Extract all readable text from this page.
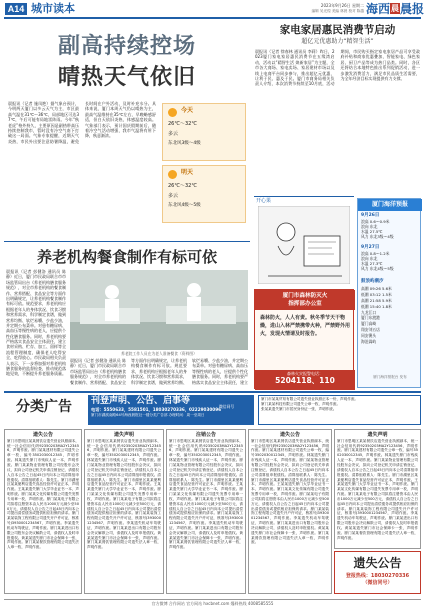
A14 城市读本	2023年9月26日 星期二
编辑 吴光煌 美编 林晨 校对 陈越 海西晨晨报
副高持续控场
晴热天气依旧
晨报讯（记者 施凤艳）据气象台预计，今明两天厦门以多云天气为主，市区最高气温在31℃～36℃，局部地区可达37℃，午后可能有局地雷阵雨。今年“秋老虎”格外持久，主要原因是副热带高压持续控制我市，暂时没有冷空气南下打破这一局面。气象专家提醒，近期天气炎热，市民外出要注意防暑降温，避免长时间在户外活动，及时补充水分。具体来说，厦门本周天气仍以晴热为主，最高气温维持在35℃左右，早晚略感舒适，但白天依旧炎热，体感温度较高。气象部门表示，预计国庆假期前后，随着冷空气活动增强，我市气温将有所下降，秋意渐浓。
今天
26℃～32℃
多云
东北风3级～4级
明天
26℃～32℃
多云
东北风4级～5级
家电家居惠民消费节启动
超亿元优惠助力“精智生活”
晨报讯（记者 徐春林 通讯员 李莉）昨日，2023厦门家电家居惠民消费节在五缘湾启动，活动以“精智生活 焕新家居”为主题，全市各大商场、家电卖场、家居建材市场以及线上电商平台同步参与，推出超亿元优惠，让利于民、惠及于民。厦门市商务局相关负责人介绍，本次消费节持续至10月底，活动期间，市民购买指定家电家居产品可享受政府补贴和商家优惠叠加，智能家电、绿色家居、厨卫产品等成为热门品类。同时，各区还将结合本地特色推出系列促销活动，进一步激发消费活力，满足市民品质生活需要，为全年经济目标实现提供有力支撑。
开心果	厦门海洋预报
9月26日
浪高 0.6～0.9米
浪向 东北
水温 27.5℃
风力 东北3级～4级
9月27日
浪高 0.8～1.2米
浪向 东北
水温 27.3℃
风力 东北4级～5级
鼓浪屿潮汐
高潮 09:26 5.6米
低潮 03:12 1.5米
高潮 21:58 5.9米
低潮 15:40 1.8米
九龙江口
厦门东渡港
厦门高崎
翔安刘五店
同安澳头
海沧嵩屿
厦门海洋预报台 发布
厦门市森林防灭火
指挥部办公室
森林防火，人人有责。秋冬季节天干物燥，进山入林严禁携带火种，严禁野外用火，发现火情请及时报告。
森林火灾报警电话：
5204118、110
养老机构餐食制作有标可依
晨报讯（记者 彭健洛 通讯员 陈静）近日，厦门市民政局联合市市场监管局出台《养老机构膳食服务规范》，对全市养老机构的餐食制作、营养搭配、食品安全等方面作出明确规定，让养老机构餐食制作有标可依。规范要求，养老机构应根据老年人的身体状况、饮食习惯和营养需求，科学制定食谱，做到营养均衡、软烂易嚼、少盐少油，并定期公布菜单。对患有糖尿病、高血压等慢性病的老人，应提供个性化膳食服务。同时，养老机构要严格落实食品安全主体责任，建立食材采购、贮存、加工、留样等全流程管理制度，确保老人吃得安全、吃得放心。市民政局相关负责人表示，下一步将加强对养老机构膳食服务的监督检查，推动规范落地见效，不断提升养老服务质量。
养老院工作人员在为老人准备餐食（资料图）
晨报讯（记者 彭健洛 通讯员 陈静）近日，厦门市民政局联合市市场监管局出台《养老机构膳食服务规范》，对全市养老机构的餐食制作、营养搭配、食品安全等方面作出明确规定，让养老机构餐食制作有标可依。规范要求，养老机构应根据老年人的身体状况、饮食习惯和营养需求，科学制定食谱，做到营养均衡、软烂易嚼、少盐少油，并定期公布菜单。对患有糖尿病、高血压等慢性病的老人，应提供个性化膳食服务。同时，养老机构要严格落实食品安全主体责任，建立
分类广告	刊登声明、公告、启事等
电话：5550633，5581501，18030270336，02229030096
厦门市湖滨南路64号海西晨报社一楼分类广告部 办理时间：周一至周日
微信同号
厦门市某某贸易有限公司遗失营业执照正本一份，声明作废。
厦门某某科技有限公司遗失公章一枚，声明作废。
张某某遗失厦门市居民身份证一张，声明作废。
遗失公告
厦门市思明区某某餐饮店遗失营业执照副本，统一社会信用代码92350203MA2Y123456，声明作废。厦门某某建材有限公司遗失公章一枚，编号3502030012345，声明作废。林某遗失厦门市残疾人证一本，声明作废。厦门某某物业管理有限公司经股东会决议，拟向公司登记机关申请注销登记，请债权人自本公告之日起45日内向本公司清算组申报债权。清算组联系人：陈先生。厦门市湖里区某某便利店遗失食品经营许可证正本，声明作废。王某某遗失厦门大学毕业证书一本，声明作废。厦门某某文化传媒有限公司遗失发票专用章一枚，声明作废。厦门某某电子有限公司拟将注册资本由人民币1000万元减少至500万元，请债权人自公告之日起45日内向本公司提出清偿债务或提供相应担保的请求。厦门某某装饰工程有限公司遗失开户许可证，核准号J3930001234567，声明作废。李某遗失机动车驾驶证，声明作废。厦门某某进出口有限公司股东会决议解散公司，请债权人及时申报债权。黄某某遗失厦门市社会保障卡一张，声明作废。厦门某某餐饮管理有限公司遗失法人章一枚，声明作废。
遗失声明
厦门市思明区某某餐饮店遗失营业执照副本，统一社会信用代码92350203MA2Y123456，声明作废。厦门某某建材有限公司遗失公章一枚，编号3502030012345，声明作废。林某遗失厦门市残疾人证一本，声明作废。厦门某某物业管理有限公司经股东会决议，拟向公司登记机关申请注销登记，请债权人自本公告之日起45日内向本公司清算组申报债权。清算组联系人：陈先生。厦门市湖里区某某便利店遗失食品经营许可证正本，声明作废。王某某遗失厦门大学毕业证书一本，声明作废。厦门某某文化传媒有限公司遗失发票专用章一枚，声明作废。厦门某某电子有限公司拟将注册资本由人民币1000万元减少至500万元，请债权人自公告之日起45日内向本公司提出清偿债务或提供相应担保的请求。厦门某某装饰工程有限公司遗失开户许可证，核准号J3930001234567，声明作废。李某遗失机动车驾驶证，声明作废。厦门某某进出口有限公司股东会决议解散公司，请债权人及时申报债权。黄某某遗失厦门市社会保障卡一张，声明作废。厦门某某餐饮管理有限公司遗失法人章一枚，声明作废。
注销公告
厦门市思明区某某餐饮店遗失营业执照副本，统一社会信用代码92350203MA2Y123456，声明作废。厦门某某建材有限公司遗失公章一枚，编号3502030012345，声明作废。林某遗失厦门市残疾人证一本，声明作废。厦门某某物业管理有限公司经股东会决议，拟向公司登记机关申请注销登记，请债权人自本公告之日起45日内向本公司清算组申报债权。清算组联系人：陈先生。厦门市湖里区某某便利店遗失食品经营许可证正本，声明作废。王某某遗失厦门大学毕业证书一本，声明作废。厦门某某文化传媒有限公司遗失发票专用章一枚，声明作废。厦门某某电子有限公司拟将注册资本由人民币1000万元减少至500万元，请债权人自公告之日起45日内向本公司提出清偿债务或提供相应担保的请求。厦门某某装饰工程有限公司遗失开户许可证，核准号J3930001234567，声明作废。李某遗失机动车驾驶证，声明作废。厦门某某进出口有限公司股东会决议解散公司，请债权人及时申报债权。黄某某遗失厦门市社会保障卡一张，声明作废。厦门某某餐饮管理有限公司遗失法人章一枚，声明作废。
遗失公告
厦门市思明区某某餐饮店遗失营业执照副本，统一社会信用代码92350203MA2Y123456，声明作废。厦门某某建材有限公司遗失公章一枚，编号3502030012345，声明作废。林某遗失厦门市残疾人证一本，声明作废。厦门某某物业管理有限公司经股东会决议，拟向公司登记机关申请注销登记，请债权人自本公告之日起45日内向本公司清算组申报债权。清算组联系人：陈先生。厦门市湖里区某某便利店遗失食品经营许可证正本，声明作废。王某某遗失厦门大学毕业证书一本，声明作废。厦门某某文化传媒有限公司遗失发票专用章一枚，声明作废。厦门某某电子有限公司拟将注册资本由人民币1000万元减少至500万元，请债权人自公告之日起45日内向本公司提出清偿债务或提供相应担保的请求。厦门某某装饰工程有限公司遗失开户许可证，核准号J3930001234567，声明作废。李某遗失机动车驾驶证，声明作废。厦门某某进出口有限公司股东会决议解散公司，请债权人及时申报债权。黄某某遗失厦门市社会保障卡一张，声明作废。厦门某某餐饮管理有限公司遗失法人章一枚，声明作废。
遗失声明
厦门市思明区某某餐饮店遗失营业执照副本，统一社会信用代码92350203MA2Y123456，声明作废。厦门某某建材有限公司遗失公章一枚，编号3502030012345，声明作废。林某遗失厦门市残疾人证一本，声明作废。厦门某某物业管理有限公司经股东会决议，拟向公司登记机关申请注销登记，请债权人自本公告之日起45日内向本公司清算组申报债权。清算组联系人：陈先生。厦门市湖里区某某便利店遗失食品经营许可证正本，声明作废。王某某遗失厦门大学毕业证书一本，声明作废。厦门某某文化传媒有限公司遗失发票专用章一枚，声明作废。厦门某某电子有限公司拟将注册资本由人民币1000万元减少至500万元，请债权人自公告之日起45日内向本公司提出清偿债务或提供相应担保的请求。厦门某某装饰工程有限公司遗失开户许可证，核准号J3930001234567，声明作废。李某遗失机动车驾驶证，声明作废。厦门某某进出口有限公司股东会决议解散公司，请债权人及时申报债权。黄某某遗失厦门市社会保障卡一张，声明作废。厦门某某餐饮管理有限公司遗失法人章一枚，声明作废。
遗失公告
登报热线：18030270336
（微信同号）
官方微博 合作网站 官方网站 hxcbnet.com 爆料热线 4008585555
